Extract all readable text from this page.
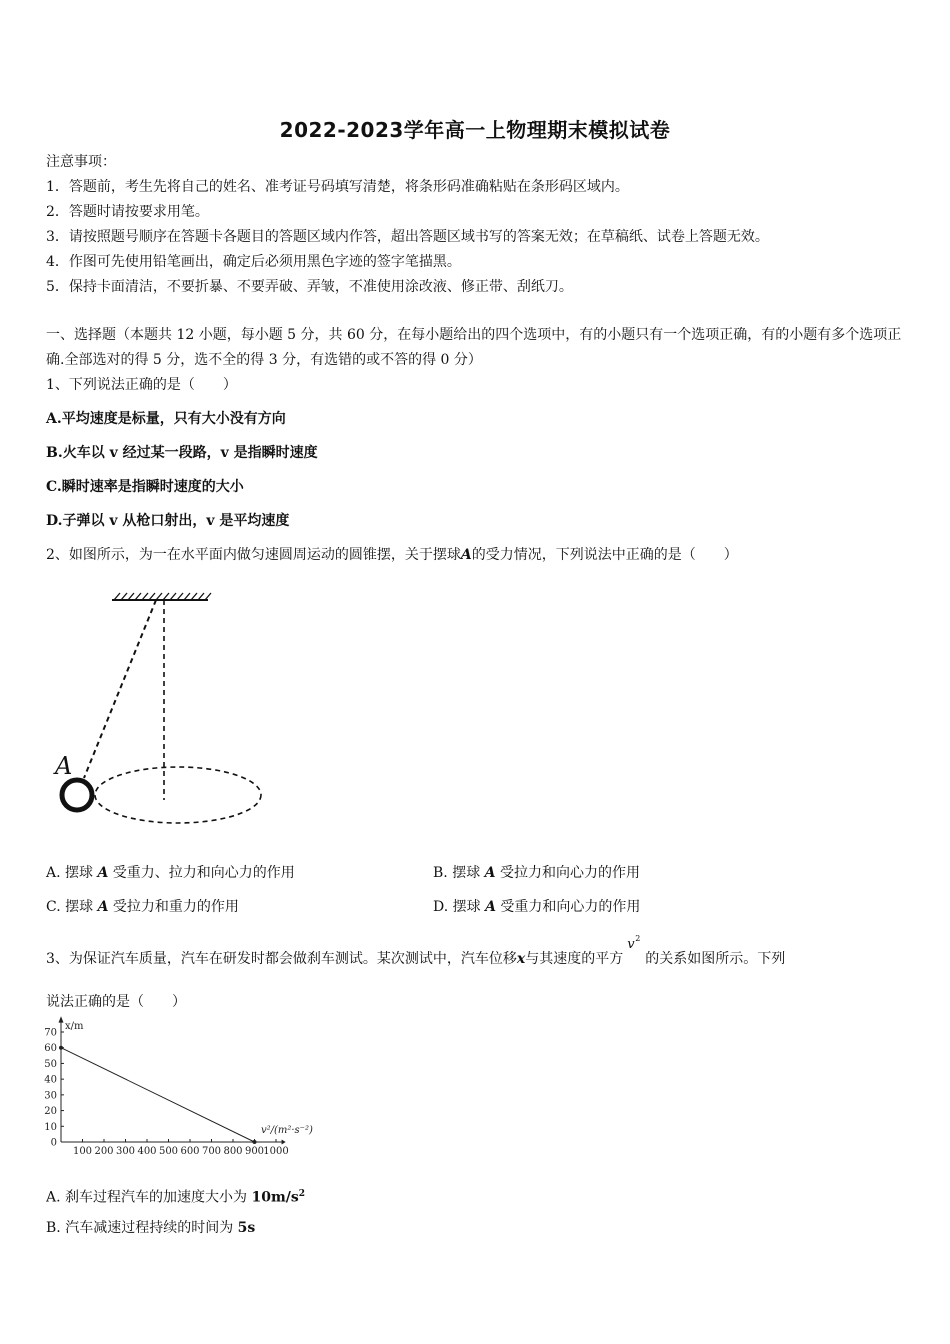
2022-2023学年高一上物理期末模拟试卷
注意事项：
1．答题前，考生先将自己的姓名、准考证号码填写清楚，将条形码准确粘贴在条形码区域内。
2．答题时请按要求用笔。
3．请按照题号顺序在答题卡各题目的答题区域内作答，超出答题区域书写的答案无效；在草稿纸、试卷上答题无效。
4．作图可先使用铅笔画出，确定后必须用黑色字迹的签字笔描黑。
5．保持卡面清洁，不要折暴、不要弄破、弄皱，不准使用涂改液、修正带、刮纸刀。
一、选择题（本题共 12 小题，每小题 5 分，共 60 分，在每小题给出的四个选项中，有的小题只有一个选项正确，有的小题有多个选项正确.全部选对的得 5 分，选不全的得 3 分，有选错的或不答的得 0 分）
1、下列说法正确的是（　　）
A.平均速度是标量，只有大小没有方向
B.火车以 v 经过某一段路，v 是指瞬时速度
C.瞬时速率是指瞬时速度的大小
D.子弹以 v 从枪口射出，v 是平均速度
2、如图所示，为一在水平面内做匀速圆周运动的圆锥摆，关于摆球A的受力情况，下列说法中正确的是（　　）
A
A. 摆球 A 受重力、拉力和向心力的作用	B. 摆球 A 受拉力和向心力的作用
C. 摆球 A 受拉力和重力的作用	D. 摆球 A 受重力和向心力的作用
3、为保证汽车质量，汽车在研发时都会做刹车测试。某次测试中，汽车位移x与其速度的平方
v 2
的关系如图所示。下列
说法正确的是（　　）
0
10
20
30
40
50
60
70
100 200 300 400 500 600 700 800 900 1000
x/m
v²/(m²·s⁻²)
A. 刹车过程汽车的加速度大小为 $10m/s^2$
B. 汽车减速过程持续的时间为 5s
